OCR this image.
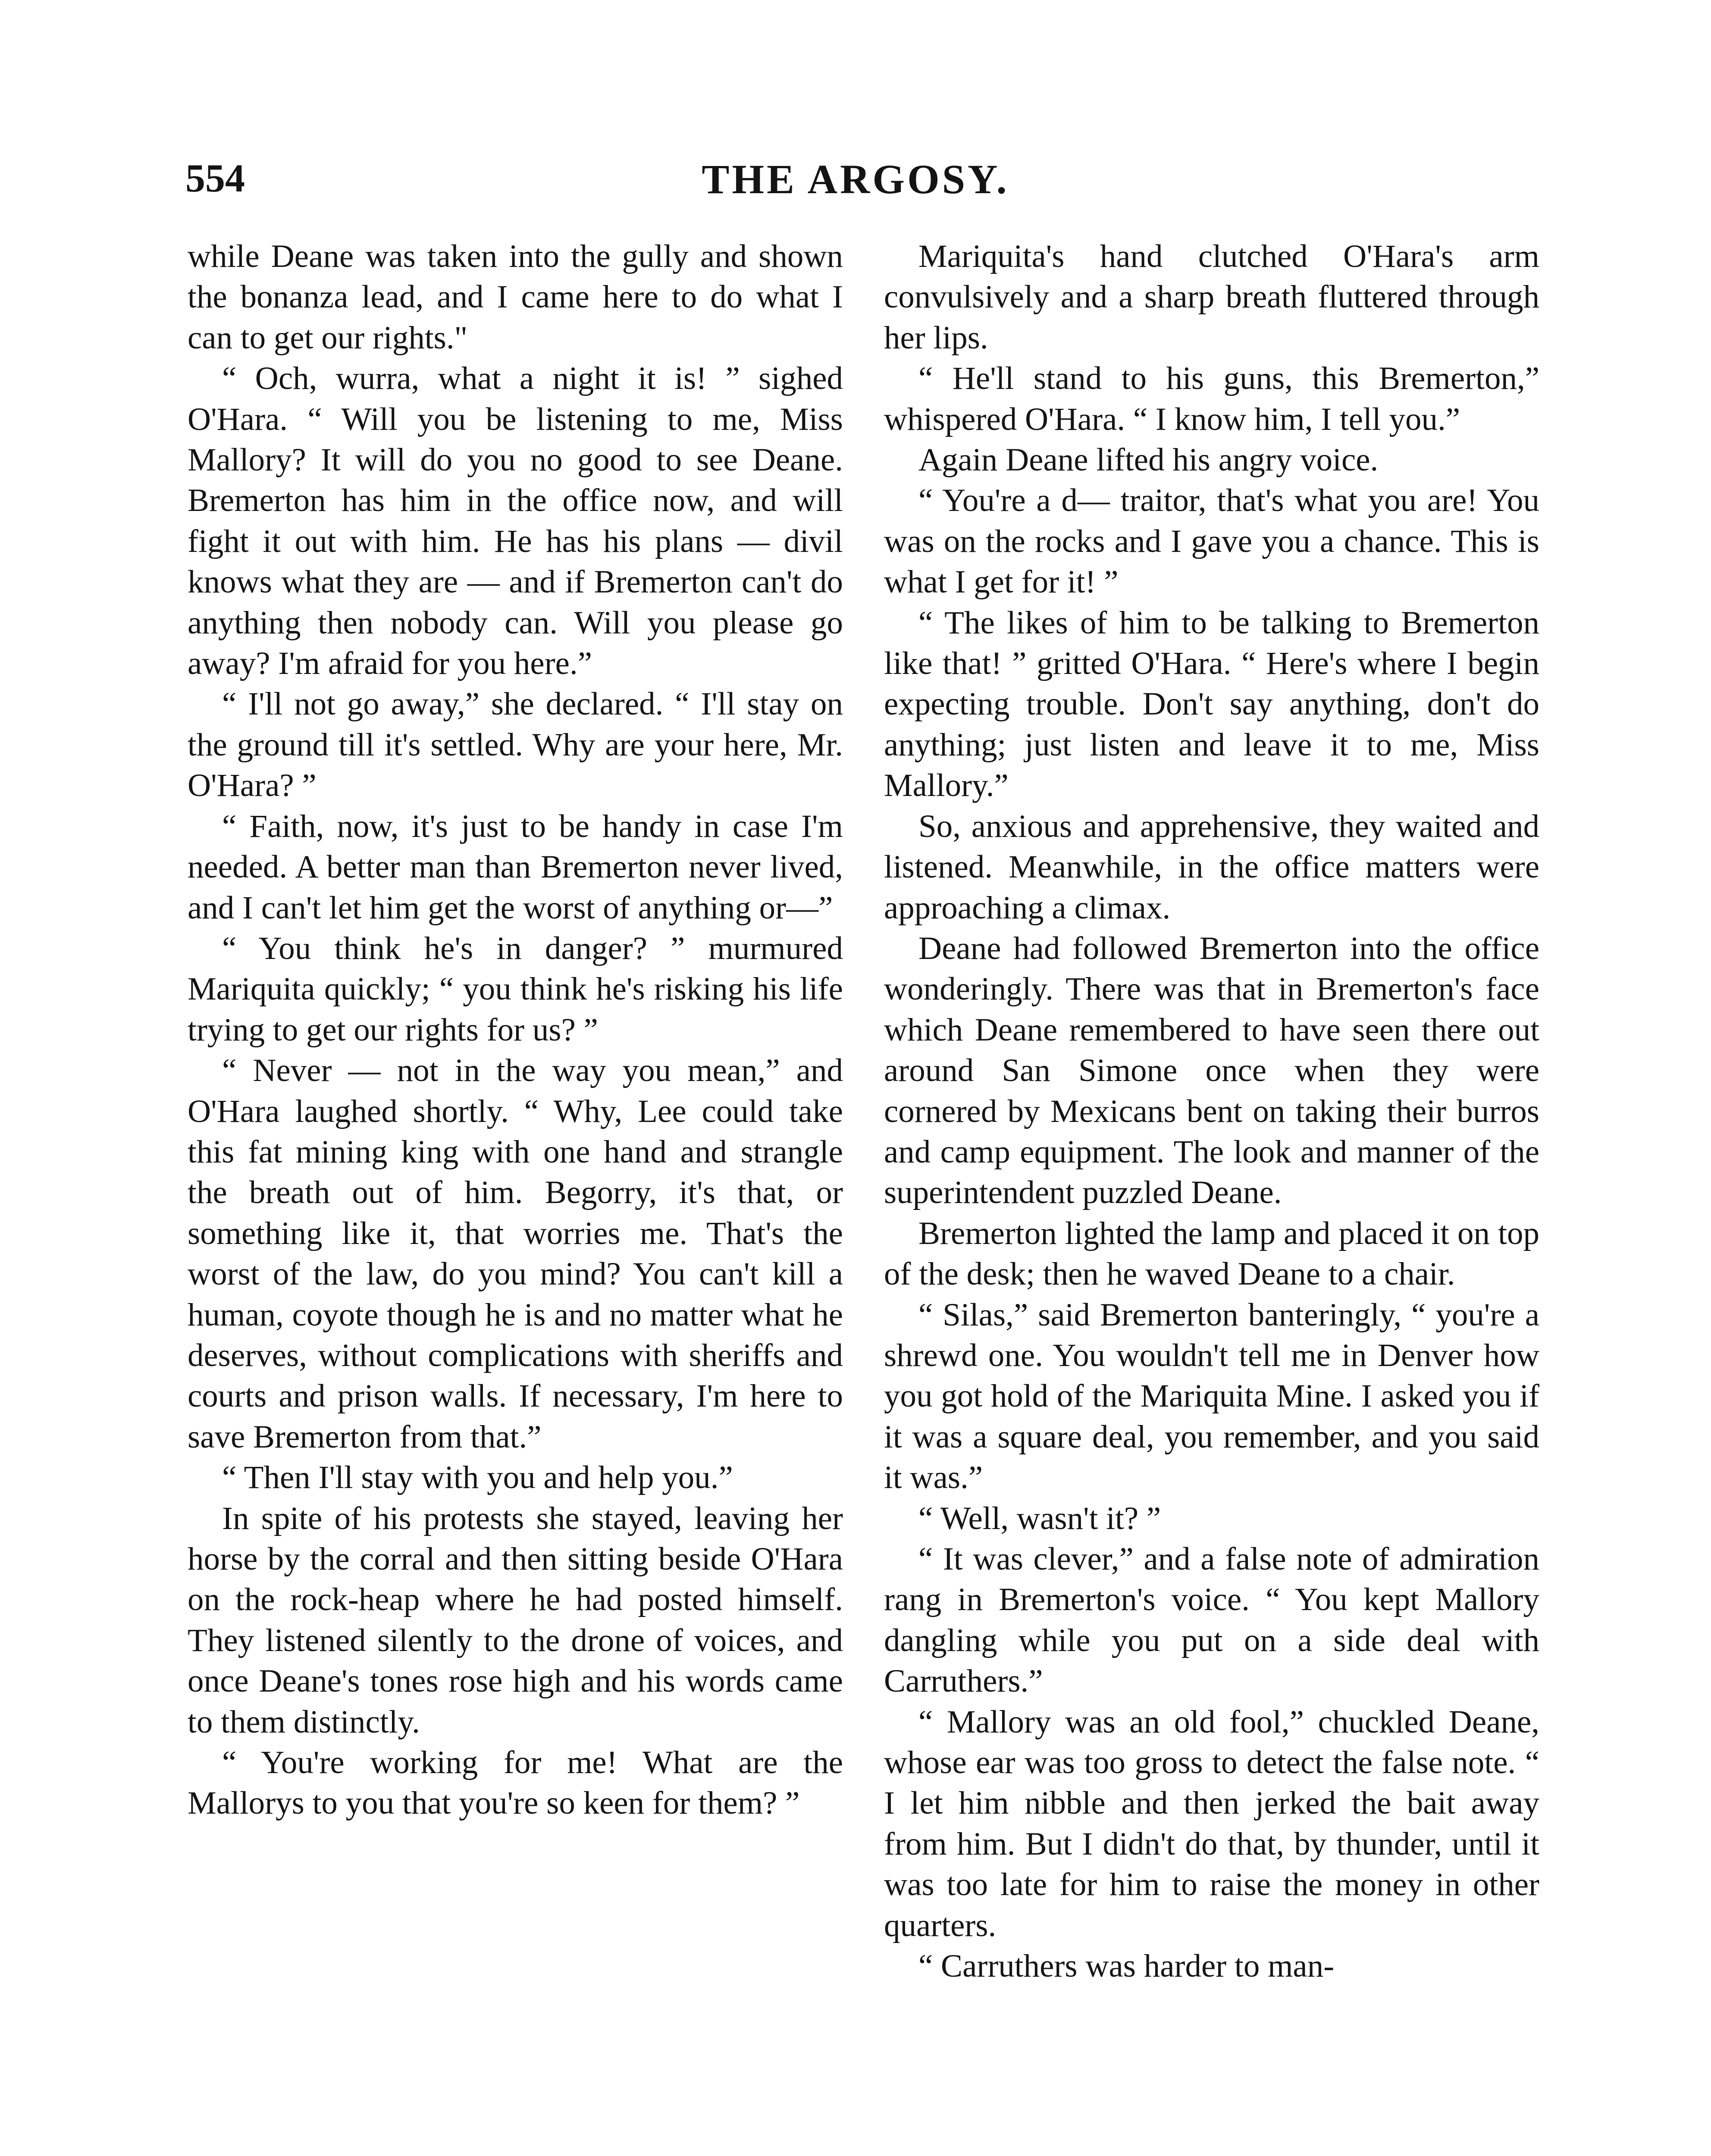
554	THE ARGOSY.

while Deane was taken into the gully and shown the bonanza lead, and I came here to do what I can to get our rights."

“ Och, wurra, what a night it is! ” sighed O'Hara. “ Will you be listening to me, Miss Mallory? It will do you no good to see Deane. Bremerton has him in the office now, and will fight it out with him. He has his plans — divil knows what they are — and if Bremerton can't do anything then nobody can. Will you please go away? I'm afraid for you here.”

“ I'll not go away,” she declared. “ I'll stay on the ground till it's settled. Why are your here, Mr. O'Hara? ”

“ Faith, now, it's just to be handy in case I'm needed. A better man than Bremerton never lived, and I can't let him get the worst of anything or—”

“ You think he's in danger? ” murmured Mariquita quickly; “ you think he's risking his life trying to get our rights for us? ”

“ Never — not in the way you mean,” and O'Hara laughed shortly. “ Why, Lee could take this fat mining king with one hand and strangle the breath out of him. Begorry, it's that, or something like it, that worries me. That's the worst of the law, do you mind? You can't kill a human, coyote though he is and no matter what he deserves, without complications with sheriffs and courts and prison walls. If necessary, I'm here to save Bremerton from that.”

“ Then I'll stay with you and help you.”

In spite of his protests she stayed, leaving her horse by the corral and then sitting beside O'Hara on the rock-heap where he had posted himself. They listened silently to the drone of voices, and once Deane's tones rose high and his words came to them distinctly.

“ You're working for me! What are the Mallorys to you that you're so keen for them? ”

Mariquita's hand clutched O'Hara's arm convulsively and a sharp breath fluttered through her lips.

“ He'll stand to his guns, this Bremerton,” whispered O'Hara. “ I know him, I tell you.”

Again Deane lifted his angry voice.

“ You're a d— traitor, that's what you are! You was on the rocks and I gave you a chance. This is what I get for it! ”

“ The likes of him to be talking to Bremerton like that! ” gritted O'Hara. “ Here's where I begin expecting trouble. Don't say anything, don't do anything; just listen and leave it to me, Miss Mallory.”

So, anxious and apprehensive, they waited and listened. Meanwhile, in the office matters were approaching a climax.

Deane had followed Bremerton into the office wonderingly. There was that in Bremerton's face which Deane remembered to have seen there out around San Simone once when they were cornered by Mexicans bent on taking their burros and camp equipment. The look and manner of the superintendent puzzled Deane.

Bremerton lighted the lamp and placed it on top of the desk; then he waved Deane to a chair.

“ Silas,” said Bremerton banteringly, “ you're a shrewd one. You wouldn't tell me in Denver how you got hold of the Mariquita Mine. I asked you if it was a square deal, you remember, and you said it was.”

“ Well, wasn't it? ”

“ It was clever,” and a false note of admiration rang in Bremerton's voice. “ You kept Mallory dangling while you put on a side deal with Carruthers.”

“ Mallory was an old fool,” chuckled Deane, whose ear was too gross to detect the false note. “ I let him nibble and then jerked the bait away from him. But I didn't do that, by thunder, until it was too late for him to raise the money in other quarters.

“ Carruthers was harder to man-
